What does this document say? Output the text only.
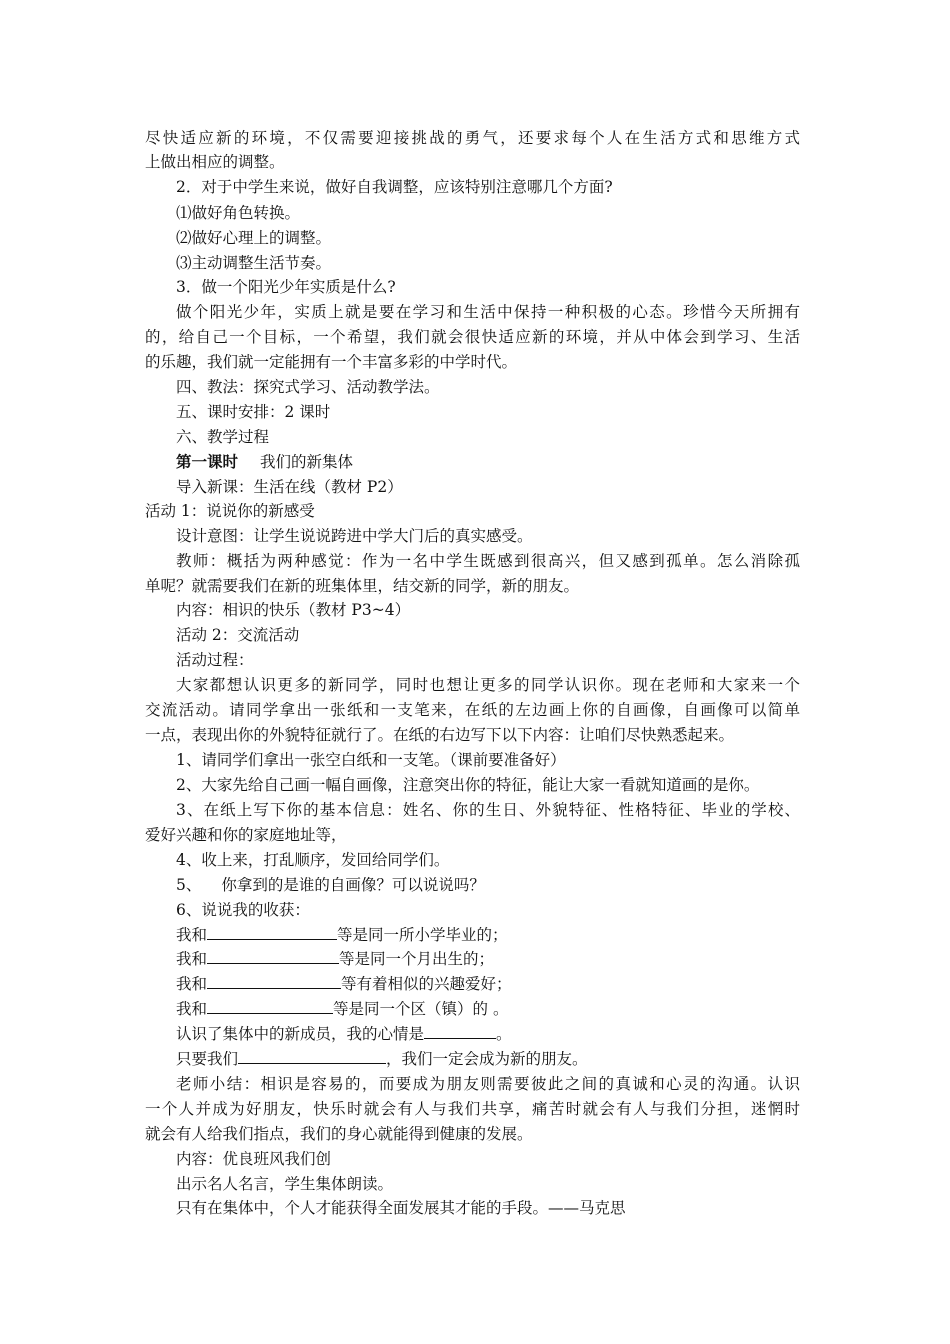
尽快适应新的环境，不仅需要迎接挑战的勇气，还要求每个人在生活方式和思维方式
上做出相应的调整。
2．对于中学生来说，做好自我调整，应该特别注意哪几个方面?
⑴做好角色转换。
⑵做好心理上的调整。
⑶主动调整生活节奏。
3．做一个阳光少年实质是什么?
做个阳光少年，实质上就是要在学习和生活中保持一种积极的心态。珍惜今天所拥有
的，给自己一个目标，一个希望，我们就会很快适应新的环境，并从中体会到学习、生活
的乐趣，我们就一定能拥有一个丰富多彩的中学时代。
四、教法：探究式学习、活动教学法。
五、课时安排：2 课时
六、教学过程
第一课时 我们的新集体
导入新课：生活在线（教材 P2）
活动 1：说说你的新感受
设计意图：让学生说说跨进中学大门后的真实感受。
教师：概括为两种感觉：作为一名中学生既感到很高兴，但又感到孤单。怎么消除孤
单呢？就需要我们在新的班集体里，结交新的同学，新的朋友。
内容：相识的快乐（教材 P3~4）
活动 2：交流活动
活动过程：
大家都想认识更多的新同学，同时也想让更多的同学认识你。现在老师和大家来一个
交流活动。请同学拿出一张纸和一支笔来，在纸的左边画上你的自画像，自画像可以简单
一点，表现出你的外貌特征就行了。在纸的右边写下以下内容：让咱们尽快熟悉起来。
1、请同学们拿出一张空白纸和一支笔。（课前要准备好）
2、大家先给自己画一幅自画像，注意突出你的特征，能让大家一看就知道画的是你。
3、在纸上写下你的基本信息：姓名、你的生日、外貌特征、性格特征、毕业的学校、
爱好兴趣和你的家庭地址等，
4、收上来，打乱顺序，发回给同学们。
5、 你拿到的是谁的自画像？可以说说吗？
6、说说我的收获：
我和	等是同一所小学毕业的；
我和	等是同一个月出生的；
我和	等有着相似的兴趣爱好；
我和	等是同一个区（镇）的 。
认识了集体中的新成员，我的心情是	。
只要我们	，我们一定会成为新的朋友。
老师小结：相识是容易的，而要成为朋友则需要彼此之间的真诚和心灵的沟通。认识
一个人并成为好朋友，快乐时就会有人与我们共享，痛苦时就会有人与我们分担，迷惘时
就会有人给我们指点，我们的身心就能得到健康的发展。
内容：优良班风我们创
出示名人名言，学生集体朗读。
只有在集体中，个人才能获得全面发展其才能的手段。——马克思
